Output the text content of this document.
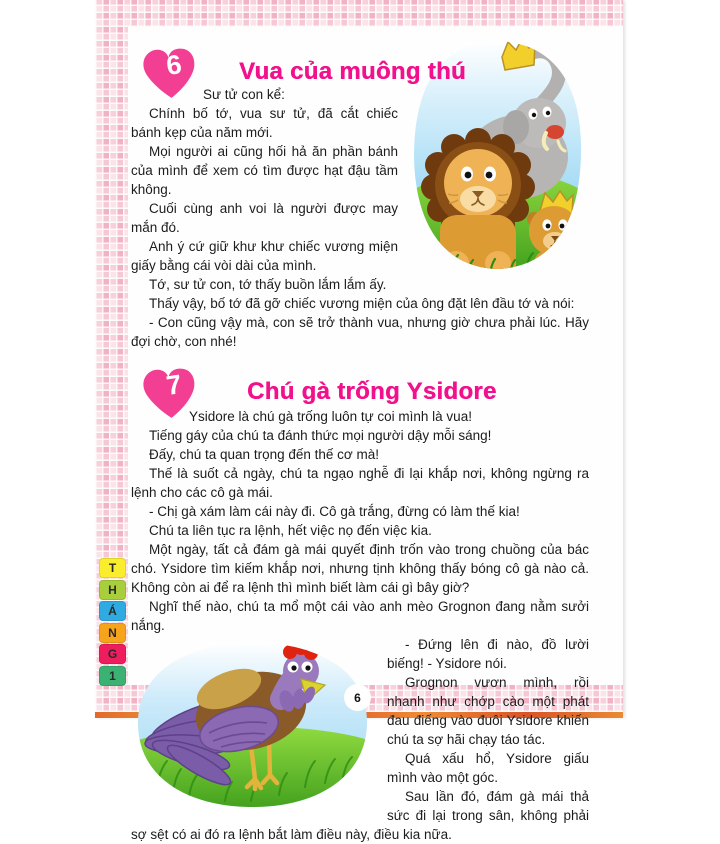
T
H
Á
N
G
1
6
6 Vua của muông thú

Sư tử con kể:

Chính bố tớ, vua sư tử, đã cắt chiếc bánh kẹp của năm mới.

Mọi người ai cũng hối hả ăn phần bánh của mình để xem có tìm được hạt đậu tầm không.

Cuối cùng anh voi là người được may mắn đó.

Anh ý cứ giữ khư khư chiếc vương miện giấy bằng cái vòi dài của mình.

Tớ, sư tử con, tớ thấy buồn lắm lắm ấy.

Thấy vậy, bố tớ đã gỡ chiếc vương miện của ông đặt lên đầu tớ và nói:

- Con cũng vậy mà, con sẽ trở thành vua, nhưng giờ chưa phải lúc. Hãy đợi chờ, con nhé!

7	Chú gà trống Ysidore

Ysidore là chú gà trống luôn tự coi mình là vua!

Tiếng gáy của chú ta đánh thức mọi người dậy mỗi sáng!

Đấy, chú ta quan trọng đến thế cơ mà!

Thế là suốt cả ngày, chú ta ngạo nghễ đi lại khắp nơi, không ngừng ra lệnh cho các cô gà mái.

- Chị gà xám làm cái này đi. Cô gà trắng, đừng có làm thế kia!

Chú ta liên tục ra lệnh, hết việc nọ đến việc kia.

Một ngày, tất cả đám gà mái quyết định trốn vào trong chuồng của bác chó. Ysidore tìm kiếm khắp nơi, nhưng tịnh không thấy bóng cô gà nào cả. Không còn ai để ra lệnh thì mình biết làm cái gì bây giờ?

Nghĩ thế nào, chú ta mổ một cái vào anh mèo Grognon đang nằm sưởi nắng.

- Đứng lên đi nào, đồ lười biếng! - Ysidore nói.

Grognon vươn mình, rồi nhanh như chớp cào một phát đau điếng vào đuôi Ysidore khiến chú ta sợ hãi chạy táo tác.

Quá xấu hổ, Ysidore giấu mình vào một góc.

Sau lần đó, đám gà mái thả sức đi lại trong sân, không phải sợ sệt có ai đó ra lệnh bắt làm điều này, điều kia nữa.
